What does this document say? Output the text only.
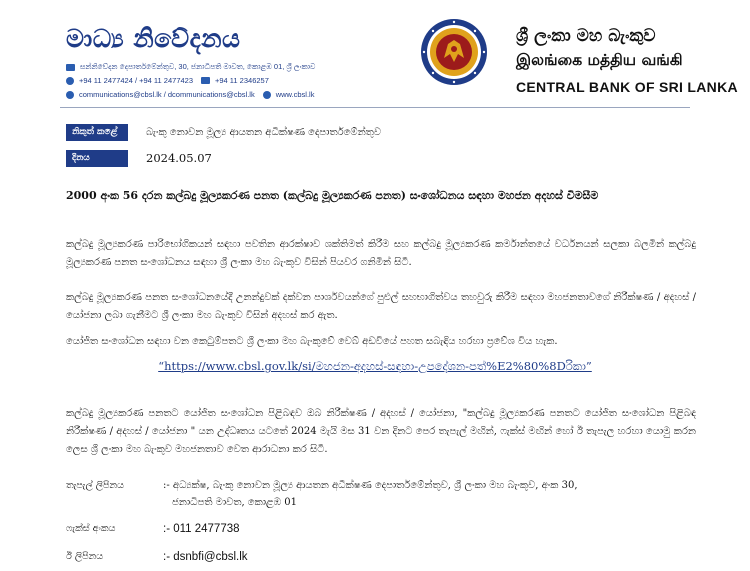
මාධ්‍ය නිවේදනය
සන්නිවේදන දෙපාර්තමේන්තුව, 30, ජනාධිපති මාවත, කොළඹ 01, ශ්‍රී ලංකාව
+94 11 2477424 / +94 11 2477423	+94 11 2346257
communications@cbsl.lk / dcommunications@cbsl.lk	www.cbsl.lk
ශ්‍රී ලංකා මහ බැංකුව
இலங்கை மத்திய வங்கி
CENTRAL BANK OF SRI LANKA
නිකුත් කළේ	බැංකු නොවන මූල්‍ය ආයතන අධීක්ෂණ දෙපාර්තමේන්තුව
දිනය	2024.05.07
2000 අංක 56 දරන කල්බදු මූල්‍යකරණ පනත (කල්බදු මූල්‍යකරණ පනත) සංශෝධනය සඳහා මහජන අදහස් විමසීම
කල්බදු මූල්‍යකරණ පාරිභෝගිකයන් සඳහා පවතින ආරක්ෂාව ශක්තිමත් කිරීම සහ කල්බදු මූල්‍යකරණ කර්මාන්තයේ වර්ධනයන් සලකා බලමින් කල්බදු මූල්‍යකරණ පනත සංශෝධනය සඳහා ශ්‍රී ලංකා මහ බැංකුව විසින් පියවර ගනිමින් සිටී.
කල්බදු මූල්‍යකරණ පනත සංශෝධනයේදී උනන්දුවක් දක්වන පාර්ශවයන්ගේ පුළුල් සහභාගිත්වය තහවුරු කිරීම සඳහා මහජනතාවගේ නිරීක්ෂණ / අදහස් / යෝජනා ලබා ගැනීමට ශ්‍රී ලංකා මහ බැංකුව විසින් අදහස් කර ඇත.
යෝජිත සංශෝධන සඳහා වන කෙටුම්පතට ශ්‍රී ලංකා මහ බැංකුවේ වෙබ් අඩවියේ පහත සබැඳිය හරහා ප්‍රවේශ විය හැක.
“https://www.cbsl.gov.lk/si/මහජන-අදහස්-සඳහා-උපදේශන-පත්%E2%80%8Dරිකා”
කල්බදු මූල්‍යකරණ පනතට යෝජිත සංශෝධන පිළිබඳව ඔබ නිරීක්ෂණ / අදහස් / යෝජනා, "කල්බදු මූල්‍යකරණ පනතට යෝජිත සංශෝධන පිළිබඳ නිරීක්ෂණ / අදහස් / යෝජනා " යන උද්ධෘතය යටතේ 2024 මැයි මස 31 වන දිනට පෙර තැපැල් මඟින්, ෆැක්ස් මඟින් හෝ ඊ තැපැල හරහා යොමු කරන ලෙස ශ්‍රී ලංකා මහ බැංකුව මහජනතාව වෙත ආරාධනා කර සිටී.
තැපැල් ලිපිනය	:- අධ්‍යක්ෂ, බැංකු නොවන මූල්‍ය ආයතන අධීක්ෂණ දෙපාර්තමේන්තුව, ශ්‍රී ලංකා මහ බැංකුව, අංක 30,
ජනාධිපති මාවත, කොළඹ 01
ෆැක්ස් අංකය	:- 011 2477738
ඊ ලිපිනය	:- dsnbfi@cbsl.lk
